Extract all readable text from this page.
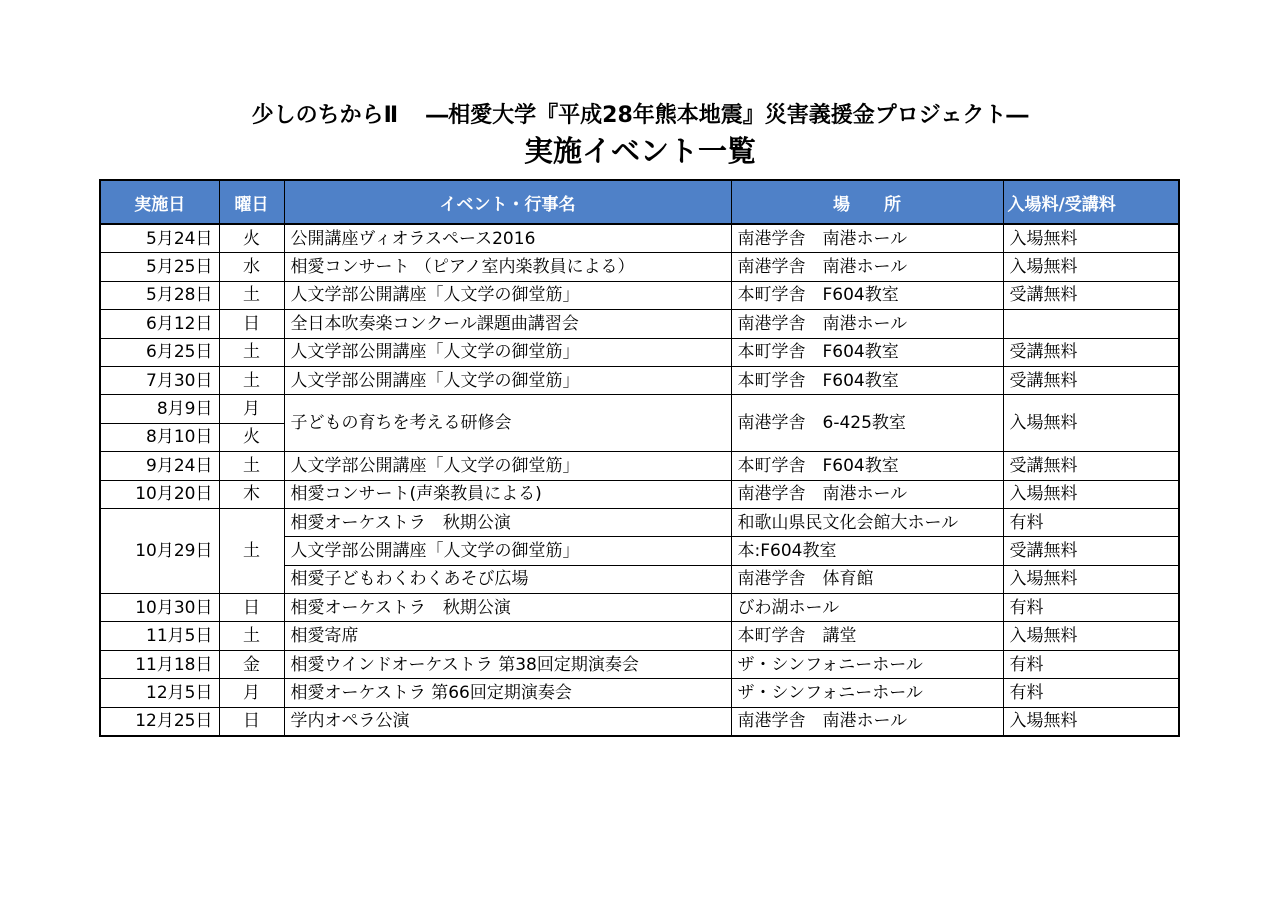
少しのちからⅡ ―相愛大学『平成28年熊本地震』災害義援金プロジェクト―
実施イベント一覧
実施日	曜日	イベント・行事名	場　　所	入場料/受講料
5月24日	火	公開講座ヴィオラスペース2016	南港学舎　南港ホール	入場無料
5月25日	水	相愛コンサート （ピアノ室内楽教員による）	南港学舎　南港ホール	入場無料
5月28日	土	人文学部公開講座「人文学の御堂筋」	本町学舎　F604教室	受講無料
6月12日	日	全日本吹奏楽コンクール課題曲講習会	南港学舎　南港ホール	
6月25日	土	人文学部公開講座「人文学の御堂筋」	本町学舎　F604教室	受講無料
7月30日	土	人文学部公開講座「人文学の御堂筋」	本町学舎　F604教室	受講無料
8月9日	月	子どもの育ちを考える研修会	南港学舎　6-425教室	入場無料
8月10日	火			
9月24日	土	人文学部公開講座「人文学の御堂筋」	本町学舎　F604教室	受講無料
10月20日	木	相愛コンサート(声楽教員による)	南港学舎　南港ホール	入場無料
10月29日	土	相愛オーケストラ　秋期公演	和歌山県民文化会館大ホール	有料
		人文学部公開講座「人文学の御堂筋」	本:F604教室	受講無料
		相愛子どもわくわくあそび広場	南港学舎　体育館	入場無料
10月30日	日	相愛オーケストラ　秋期公演	びわ湖ホール	有料
11月5日	土	相愛寄席	本町学舎　講堂	入場無料
11月18日	金	相愛ウインドオーケストラ 第38回定期演奏会	ザ・シンフォニーホール	有料
12月5日	月	相愛オーケストラ 第66回定期演奏会	ザ・シンフォニーホール	有料
12月25日	日	学内オペラ公演	南港学舎　南港ホール	入場無料
